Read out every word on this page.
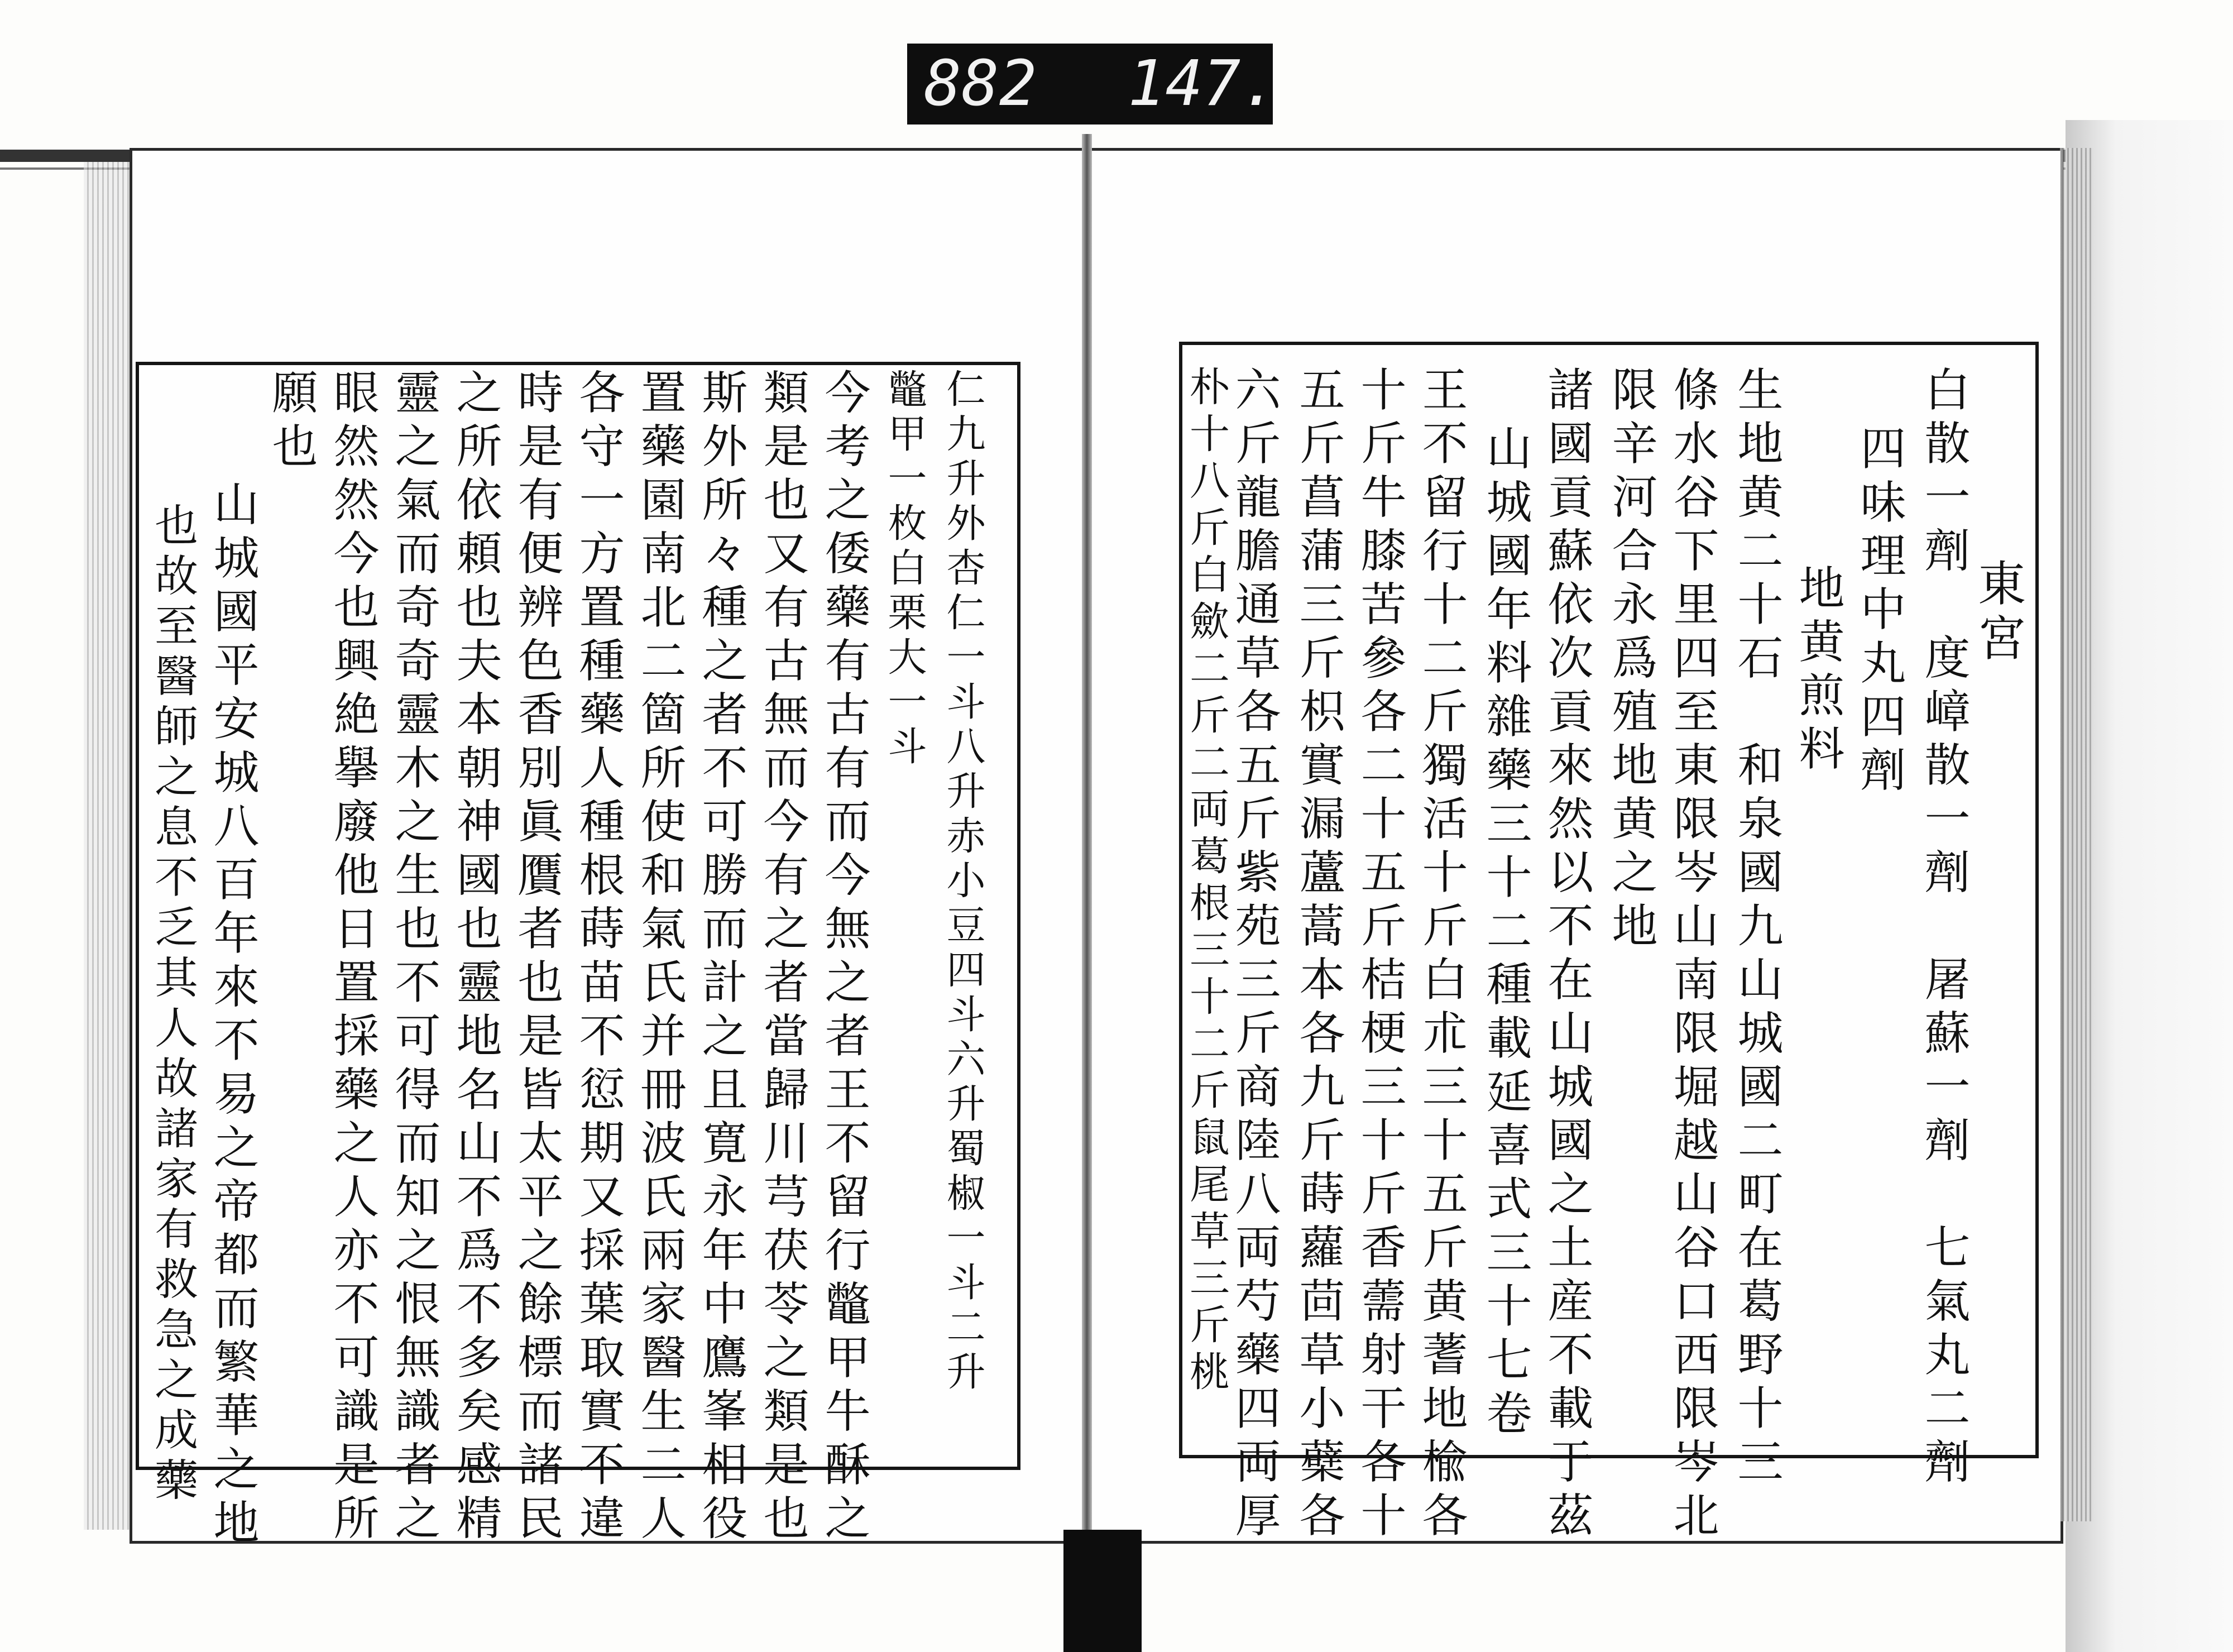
882 147.
東宮
白散一劑　度嶂散一劑　屠蘇一劑　七氣丸二劑
四味理中丸四劑
地黄煎料
生地黄二十石　和泉國九山城國二町在葛野十三
條水谷下里四至東限岑山南限堀越山谷口西限岑北
限辛河合永爲殖地黄之地
諸國貢蘇依次貢來然以不在山城國之土産不載于茲
山城國年料雜藥三十二種載延喜式三十七卷
王不留行十二斤獨活十斤白朮三十五斤黄蓍地楡各
十斤牛膝苦參各二十五斤桔梗三十斤香薷射干各十
五斤菖蒲三斤枳實漏蘆蒿本各九斤蒔蘿茴草小蘗各
六斤龍膽通草各五斤紫苑三斤商陸八両芍藥四両厚
朴十八斤白歛二斤二両葛根三十二斤鼠尾草三斤桃
仁九升外杏仁一斗八升赤小豆四斗六升蜀椒一斗二升
鼈甲一枚白栗大一斗
今考之倭藥有古有而今無之者王不留行鼈甲牛酥之
類是也又有古無而今有之者當歸川芎茯苓之類是也
斯外所々種之者不可勝而計之且寛永年中鷹峯相役
置藥園南北二箇所使和氣氏并冊波氏兩家醫生二人
各守一方置種藥人種根蒔苗不愆期又採葉取實不違
時是有便辨色香別眞贋者也是皆太平之餘標而諸民
之所依頼也夫本朝神國也靈地名山不爲不多矣感精
靈之氣而奇奇靈木之生也不可得而知之恨無識者之
眼然然今也興絶擧廢他日置採藥之人亦不可識是所
願也
山城國平安城八百年來不易之帝都而繁華之地
也故至醫師之息不乏其人故諸家有救急之成藥
